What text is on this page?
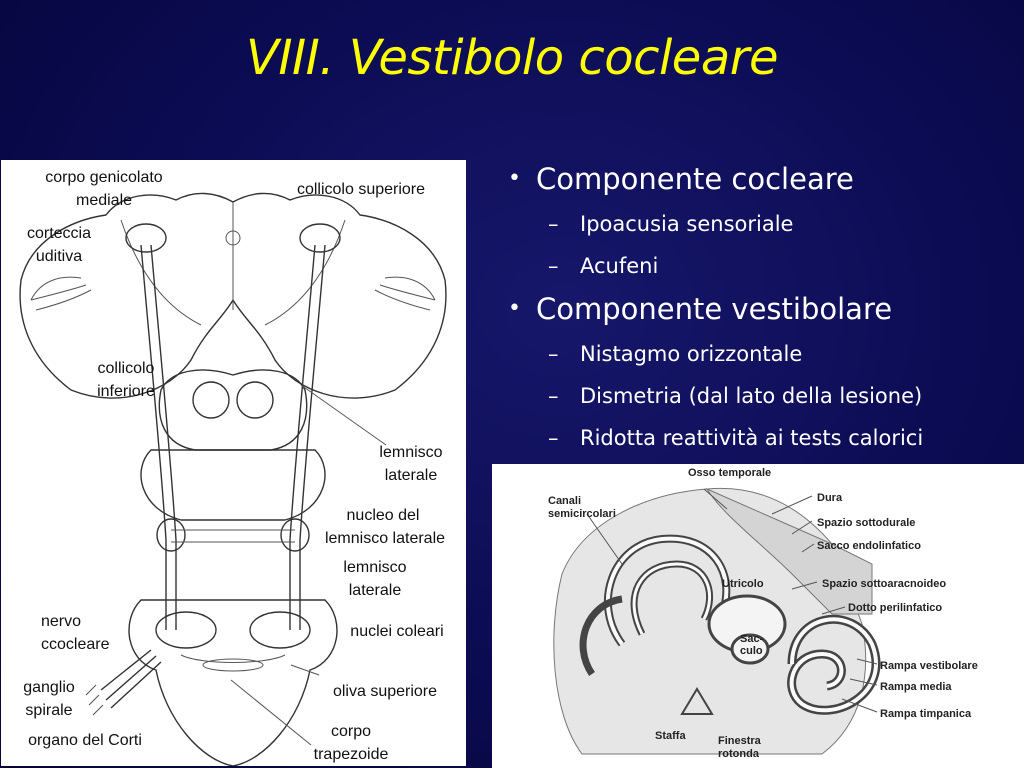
VIII. Vestibolo cocleare
• Componente cocleare
– Ipoacusia sensoriale
– Acufeni
• Componente vestibolare
– Nistagmo orizzontale
– Dismetria (dal lato della lesione)
– Ridotta reattività ai tests calorici
corpo genicolato
mediale
collicolo superiore
corteccia
uditiva
collicolo
inferiore
lemnisco
laterale
nucleo del
lemnisco laterale
lemnisco
laterale
nervo
ccocleare
nuclei coleari
ganglio
spirale
oliva superiore
organo del Corti
corpo
trapezoide
Canali
semicircolari
Osso temporale
Dura
Spazio sottodurale
Sacco endolinfatico
Spazio sottoaracnoideo
Dotto perilinfatico
Utricolo
Sac-
culo
Rampa vestibolare
Rampa media
Rampa timpanica
Staffa	Finestra
rotonda
